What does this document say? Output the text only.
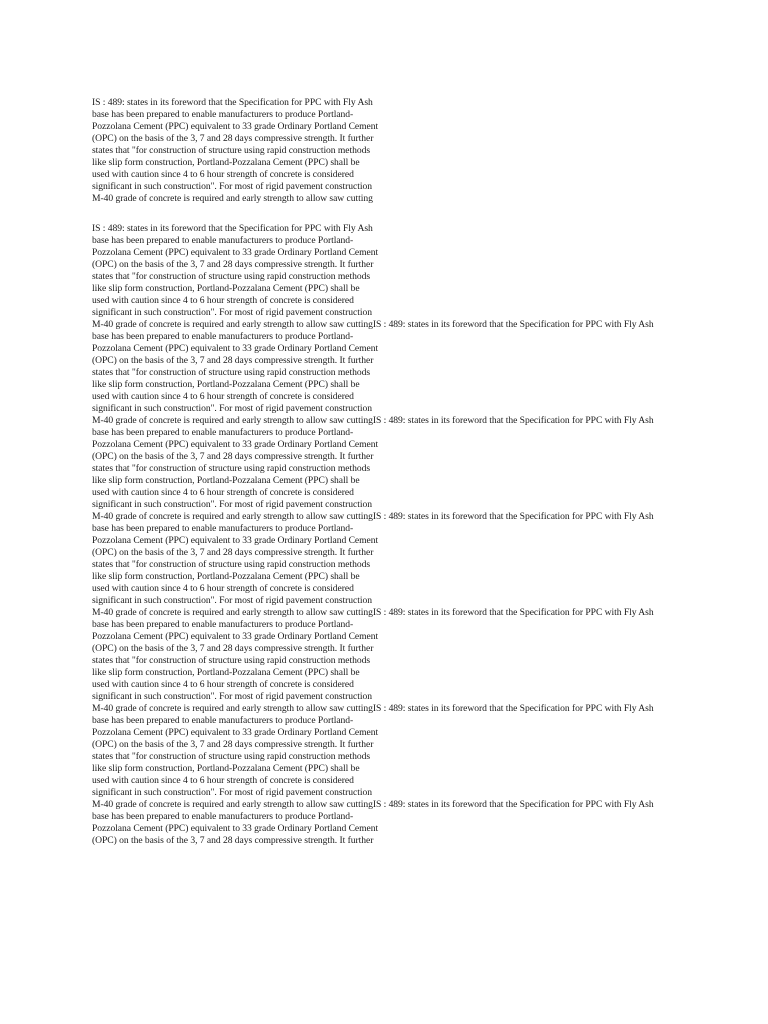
IS : 489: states in its foreword that the Specification for PPC with Fly Ash
base has been prepared to enable manufacturers to produce Portland-
Pozzolana Cement (PPC) equivalent to 33 grade Ordinary Portland Cement
(OPC) on the basis of the 3, 7 and 28 days compressive strength. It further
states that "for construction of structure using rapid construction methods
like slip form construction, Portland-Pozzalana Cement (PPC) shall be
used with caution since 4 to 6 hour strength of concrete is considered
significant in such construction". For most of rigid pavement construction
M-40 grade of concrete is required and early strength to allow saw cutting
IS : 489: states in its foreword that the Specification for PPC with Fly Ash
base has been prepared to enable manufacturers to produce Portland-
Pozzolana Cement (PPC) equivalent to 33 grade Ordinary Portland Cement
(OPC) on the basis of the 3, 7 and 28 days compressive strength. It further
states that "for construction of structure using rapid construction methods
like slip form construction, Portland-Pozzalana Cement (PPC) shall be
used with caution since 4 to 6 hour strength of concrete is considered
significant in such construction". For most of rigid pavement construction
M-40 grade of concrete is required and early strength to allow saw cuttingIS : 489: states in its foreword that the Specification for PPC with Fly Ash
base has been prepared to enable manufacturers to produce Portland-
Pozzolana Cement (PPC) equivalent to 33 grade Ordinary Portland Cement
(OPC) on the basis of the 3, 7 and 28 days compressive strength. It further
states that "for construction of structure using rapid construction methods
like slip form construction, Portland-Pozzalana Cement (PPC) shall be
used with caution since 4 to 6 hour strength of concrete is considered
significant in such construction". For most of rigid pavement construction
M-40 grade of concrete is required and early strength to allow saw cuttingIS : 489: states in its foreword that the Specification for PPC with Fly Ash
base has been prepared to enable manufacturers to produce Portland-
Pozzolana Cement (PPC) equivalent to 33 grade Ordinary Portland Cement
(OPC) on the basis of the 3, 7 and 28 days compressive strength. It further
states that "for construction of structure using rapid construction methods
like slip form construction, Portland-Pozzalana Cement (PPC) shall be
used with caution since 4 to 6 hour strength of concrete is considered
significant in such construction". For most of rigid pavement construction
M-40 grade of concrete is required and early strength to allow saw cuttingIS : 489: states in its foreword that the Specification for PPC with Fly Ash
base has been prepared to enable manufacturers to produce Portland-
Pozzolana Cement (PPC) equivalent to 33 grade Ordinary Portland Cement
(OPC) on the basis of the 3, 7 and 28 days compressive strength. It further
states that "for construction of structure using rapid construction methods
like slip form construction, Portland-Pozzalana Cement (PPC) shall be
used with caution since 4 to 6 hour strength of concrete is considered
significant in such construction". For most of rigid pavement construction
M-40 grade of concrete is required and early strength to allow saw cuttingIS : 489: states in its foreword that the Specification for PPC with Fly Ash
base has been prepared to enable manufacturers to produce Portland-
Pozzolana Cement (PPC) equivalent to 33 grade Ordinary Portland Cement
(OPC) on the basis of the 3, 7 and 28 days compressive strength. It further
states that "for construction of structure using rapid construction methods
like slip form construction, Portland-Pozzalana Cement (PPC) shall be
used with caution since 4 to 6 hour strength of concrete is considered
significant in such construction". For most of rigid pavement construction
M-40 grade of concrete is required and early strength to allow saw cuttingIS : 489: states in its foreword that the Specification for PPC with Fly Ash
base has been prepared to enable manufacturers to produce Portland-
Pozzolana Cement (PPC) equivalent to 33 grade Ordinary Portland Cement
(OPC) on the basis of the 3, 7 and 28 days compressive strength. It further
states that "for construction of structure using rapid construction methods
like slip form construction, Portland-Pozzalana Cement (PPC) shall be
used with caution since 4 to 6 hour strength of concrete is considered
significant in such construction". For most of rigid pavement construction
M-40 grade of concrete is required and early strength to allow saw cuttingIS : 489: states in its foreword that the Specification for PPC with Fly Ash
base has been prepared to enable manufacturers to produce Portland-
Pozzolana Cement (PPC) equivalent to 33 grade Ordinary Portland Cement
(OPC) on the basis of the 3, 7 and 28 days compressive strength. It further
